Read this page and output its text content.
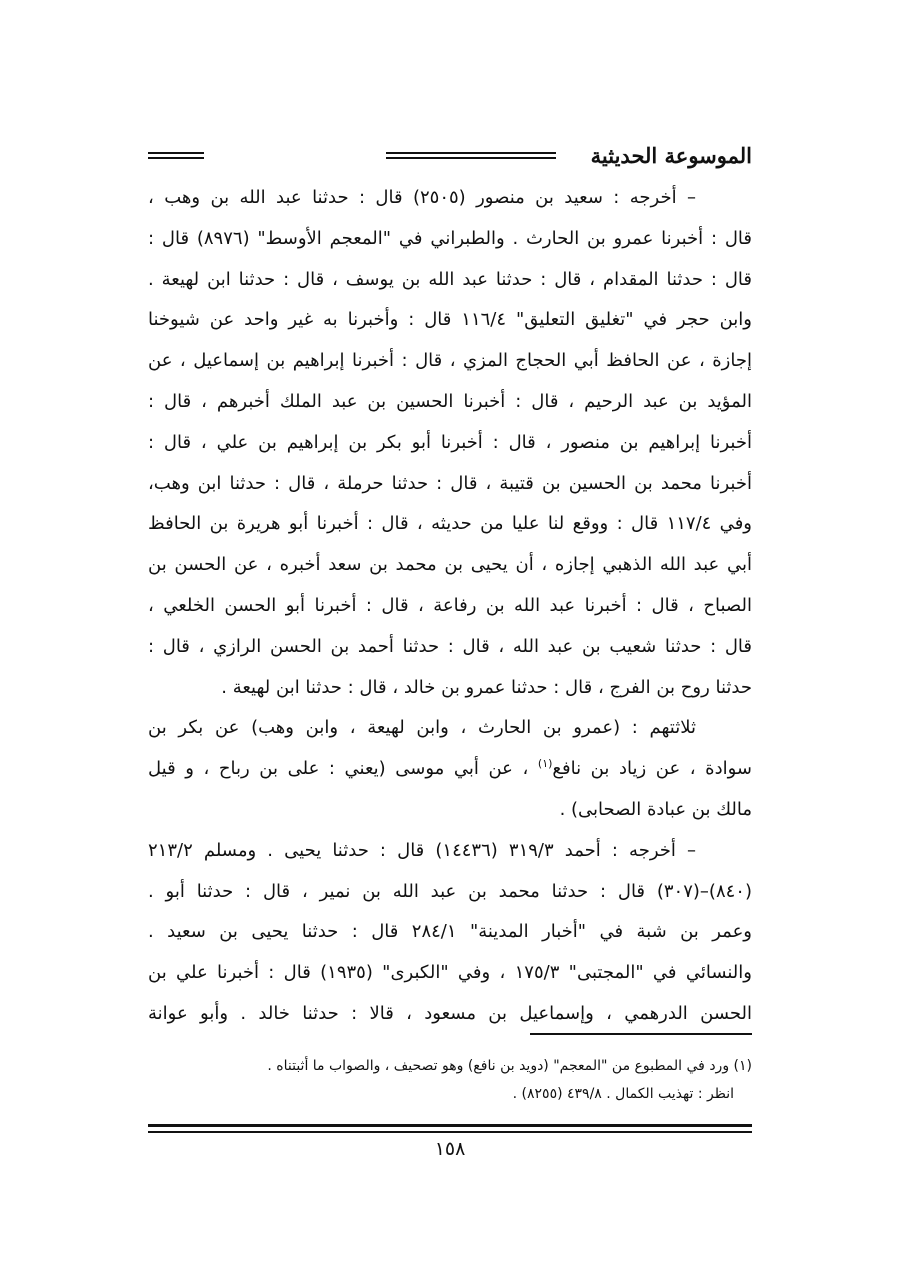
الموسوعة الحديثية
– أخرجه : سعيد بن منصور (٢٥٠٥) قال : حدثنا عبد الله بن وهب ،
قال : أخبرنا عمرو بن الحارث . والطبراني في "المعجم الأوسط" (٨٩٧٦) قال :
قال : حدثنا المقدام ، قال : حدثنا عبد الله بن يوسف ، قال : حدثنا ابن لهيعة .
وابن حجر في "تغليق التعليق" ١١٦/٤ قال : وأخبرنا به غير واحد عن شيوخنا
إجازة ، عن الحافظ أبي الحجاج المزي ، قال : أخبرنا إبراهيم بن إسماعيل ، عن
المؤيد بن عبد الرحيم ، قال : أخبرنا الحسين بن عبد الملك أخبرهم ، قال :
أخبرنا إبراهيم بن منصور ، قال : أخبرنا أبو بكر بن إبراهيم بن علي ، قال :
أخبرنا محمد بن الحسين بن قتيبة ، قال : حدثنا حرملة ، قال : حدثنا ابن وهب،
وفي ١١٧/٤ قال : ووقع لنا عليا من حديثه ، قال : أخبرنا أبو هريرة بن الحافظ
أبي عبد الله الذهبي إجازه ، أن يحيى بن محمد بن سعد أخبره ، عن الحسن بن
الصباح ، قال : أخبرنا عبد الله بن رفاعة ، قال : أخبرنا أبو الحسن الخلعي ،
قال : حدثنا شعيب بن عبد الله ، قال : حدثنا أحمد بن الحسن الرازي ، قال :
حدثنا روح بن الفرج ، قال : حدثنا عمرو بن خالد ، قال : حدثنا ابن لهيعة .
ثلاثتهم : (عمرو بن الحارث ، وابن لهيعة ، وابن وهب) عن بكر بن
سوادة ، عن زياد بن نافع$^{(١)}$ ، عن أبي موسى (يعني : على بن رباح ، و قيل
مالك بن عبادة الصحابى) .
– أخرجه : أحمد ٣١٩/٣ (١٤٤٣٦) قال : حدثنا يحيى . ومسلم ٢١٣/٢
(٨٤٠)–(٣٠٧) قال : حدثنا محمد بن عبد الله بن نمير ، قال : حدثنا أبو .
وعمر بن شبة في "أخبار المدينة" ٢٨٤/١ قال : حدثنا يحيى بن سعيد .
والنسائي في "المجتبى" ١٧٥/٣ ، وفي "الكبرى" (١٩٣٥) قال : أخبرنا علي بن
الحسن الدرهمي ، وإسماعيل بن مسعود ، قالا : حدثنا خالد . وأبو عوانة
(١) ورد في المطبوع من "المعجم" (دويد بن نافع) وهو تصحيف ، والصواب ما أثبتناه .
انظر : تهذيب الكمال . ٤٣٩/٨ (٨٢٥٥) .
١٥٨
